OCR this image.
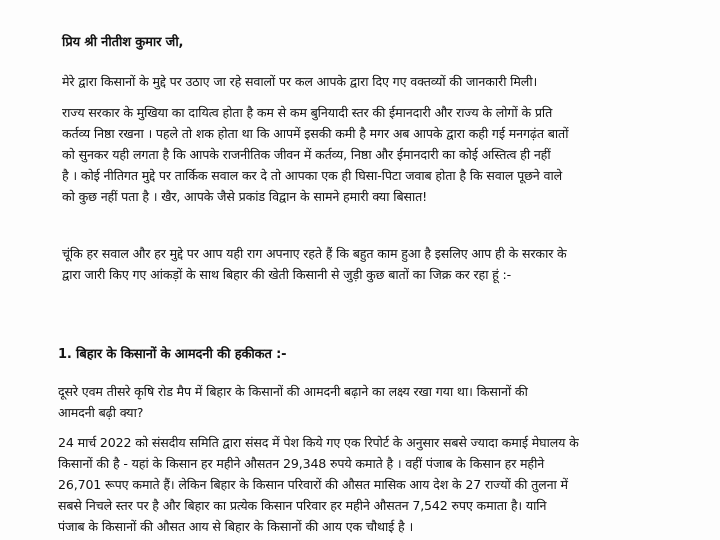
प्रिय श्री नीतीश कुमार जी,
मेरे द्वारा किसानों के मुद्दे पर उठाए जा रहे सवालों पर कल आपके द्वारा दिए गए वक्तव्यों की जानकारी मिली।
राज्य सरकार के मुखिया का दायित्व होता है कम से कम बुनियादी स्तर की ईमानदारी और राज्य के लोगों के प्रति
कर्तव्य निष्ठा रखना । पहले तो शक होता था कि आपमें इसकी कमी है मगर अब आपके द्वारा कही गई मनगढ़ंत बातों
को सुनकर यही लगता है कि आपके राजनीतिक जीवन में कर्तव्य, निष्ठा और ईमानदारी का कोई अस्तित्व ही नहीं
है । कोई नीतिगत मुद्दे पर तार्किक सवाल कर दे तो आपका एक ही घिसा-पिटा जवाब होता है कि सवाल पूछने वाले
को कुछ नहीं पता है । खैर, आपके जैसे प्रकांड विद्वान के सामने हमारी क्या बिसात!
चूंकि हर सवाल और हर मुद्दे पर आप यही राग अपनाए रहते हैं कि बहुत काम हुआ है इसलिए आप ही के सरकार के
द्वारा जारी किए गए आंकड़ों के साथ बिहार की खेती किसानी से जुड़ी कुछ बातों का जिक्र कर रहा हूं :-
1. बिहार के किसानों के आमदनी की हकीकत :-
दूसरे एवम तीसरे कृषि रोड मैप में बिहार के किसानों की आमदनी बढ़ाने का लक्ष्य रखा गया था। किसानों की
आमदनी बढ़ी क्या?
24 मार्च 2022 को संसदीय समिति द्वारा संसद में पेश किये गए एक रिपोर्ट के अनुसार सबसे ज्यादा कमाई मेघालय के
किसानों की है - यहां के किसान हर महीने औसतन 29,348 रुपये कमाते है । वहीं पंजाब के किसान हर महीने
26,701 रूपए कमाते हैं। लेकिन बिहार के किसान परिवारों की औसत मासिक आय देश के 27 राज्यों की तुलना में
सबसे निचले स्तर पर है और बिहार का प्रत्येक किसान परिवार हर महीने औसतन 7,542 रुपए कमाता है। यानि
पंजाब के किसानों की औसत आय से बिहार के किसानों की आय एक चौथाई है ।
